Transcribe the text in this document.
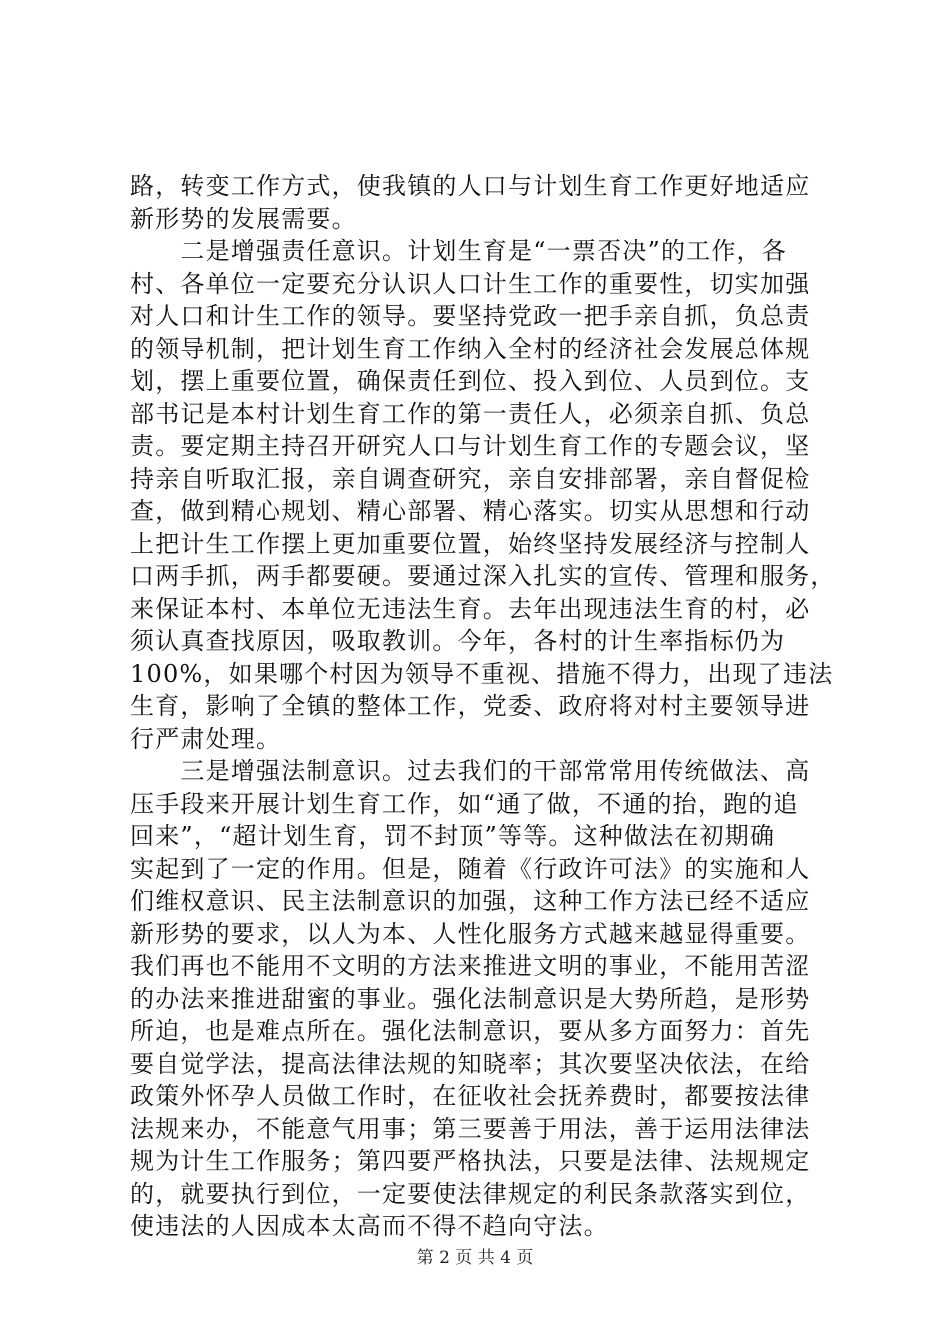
路，转变工作方式，使我镇的人口与计划生育工作更好地适应
新形势的发展需要。
　　二是增强责任意识。计划生育是“一票否决”的工作，各
村、各单位一定要充分认识人口计生工作的重要性，切实加强
对人口和计生工作的领导。要坚持党政一把手亲自抓，负总责
的领导机制，把计划生育工作纳入全村的经济社会发展总体规
划，摆上重要位置，确保责任到位、投入到位、人员到位。支
部书记是本村计划生育工作的第一责任人，必须亲自抓、负总
责。要定期主持召开研究人口与计划生育工作的专题会议，坚
持亲自听取汇报，亲自调查研究，亲自安排部署，亲自督促检
查，做到精心规划、精心部署、精心落实。切实从思想和行动
上把计生工作摆上更加重要位置，始终坚持发展经济与控制人
口两手抓，两手都要硬。要通过深入扎实的宣传、管理和服务，
来保证本村、本单位无违法生育。去年出现违法生育的村，必
须认真查找原因，吸取教训。今年，各村的计生率指标仍为
100%，如果哪个村因为领导不重视、措施不得力，出现了违法
生育，影响了全镇的整体工作，党委、政府将对村主要领导进
行严肃处理。
　　三是增强法制意识。过去我们的干部常常用传统做法、高
压手段来开展计划生育工作，如“通了做，不通的抬，跑的追
回来”，“超计划生育，罚不封顶”等等。这种做法在初期确
实起到了一定的作用。但是，随着《行政许可法》的实施和人
们维权意识、民主法制意识的加强，这种工作方法已经不适应
新形势的要求，以人为本、人性化服务方式越来越显得重要。
我们再也不能用不文明的方法来推进文明的事业，不能用苦涩
的办法来推进甜蜜的事业。强化法制意识是大势所趋，是形势
所迫，也是难点所在。强化法制意识，要从多方面努力：首先
要自觉学法，提高法律法规的知晓率；其次要坚决依法，在给
政策外怀孕人员做工作时，在征收社会抚养费时，都要按法律
法规来办，不能意气用事；第三要善于用法，善于运用法律法
规为计生工作服务；第四要严格执法，只要是法律、法规规定
的，就要执行到位，一定要使法律规定的利民条款落实到位，
使违法的人因成本太高而不得不趋向守法。
第 2 页 共 4 页
